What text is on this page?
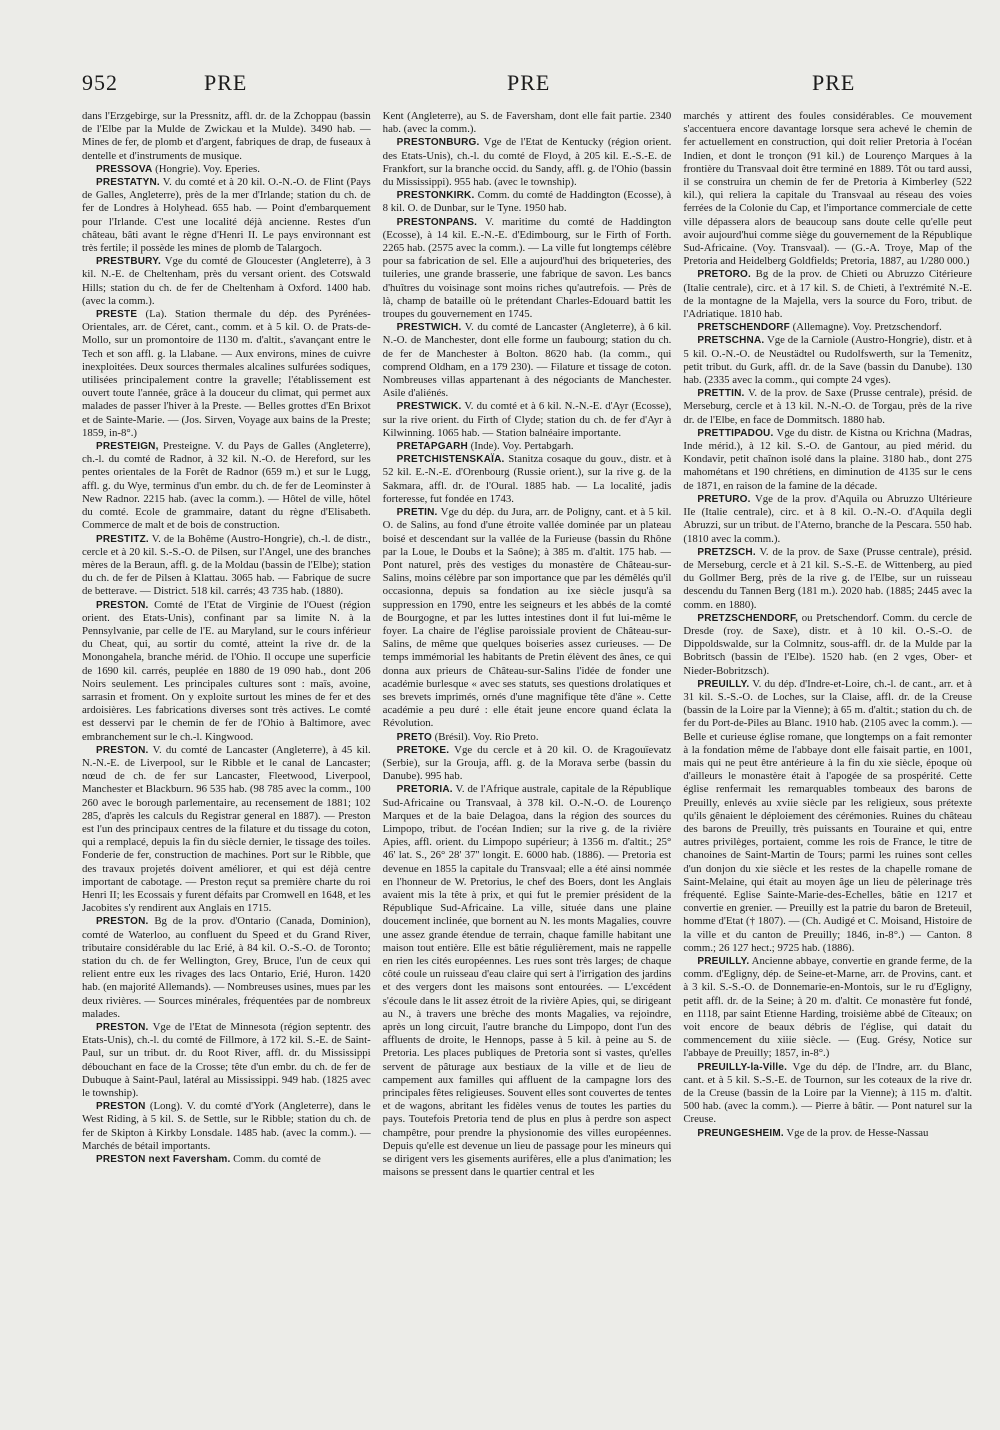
952	PRE	PRE	PRE

dans l'Erzgebirge, sur la Pressnitz, affl. dr. de la Zchoppau (bassin de l'Elbe par la Mulde de Zwickau et la Mulde). 3490 hab. — Mines de fer, de plomb et d'argent, fabriques de drap, de fuseaux à dentelle et d'instruments de musique.

PRESSOVA (Hongrie). Voy. Eperies.

PRESTATYN. V. du comté et à 20 kil. O.-N.-O. de Flint (Pays de Galles, Angleterre), près de la mer d'Irlande; station du ch. de fer de Londres à Holyhead. 655 hab. — Point d'embarquement pour l'Irlande. C'est une localité déjà ancienne. Restes d'un château, bâti avant le règne d'Henri II. Le pays environnant est très fertile; il possède les mines de plomb de Talargoch.

PRESTBURY. Vge du comté de Gloucester (Angleterre), à 3 kil. N.-E. de Cheltenham, près du versant orient. des Cotswald Hills; station du ch. de fer de Cheltenham à Oxford. 1400 hab. (avec la comm.).

PRESTE (La). Station thermale du dép. des Pyrénées-Orientales, arr. de Céret, cant., comm. et à 5 kil. O. de Prats-de-Mollo, sur un promontoire de 1130 m. d'altit., s'avançant entre le Tech et son affl. g. la Llabane. — Aux environs, mines de cuivre inexploitées. Deux sources thermales alcalines sulfurées sodiques, utilisées principalement contre la gravelle; l'établissement est ouvert toute l'année, grâce à la douceur du climat, qui permet aux malades de passer l'hiver à la Preste. — Belles grottes d'En Brixot et de Sainte-Marie. — (Jos. Sirven, Voyage aux bains de la Preste; 1859, in-8°.)

PRESTEIGN, Presteigne. V. du Pays de Galles (Angleterre), ch.-l. du comté de Radnor, à 32 kil. N.-O. de Hereford, sur les pentes orientales de la Forêt de Radnor (659 m.) et sur le Lugg, affl. g. du Wye, terminus d'un embr. du ch. de fer de Leominster à New Radnor. 2215 hab. (avec la comm.). — Hôtel de ville, hôtel du comté. Ecole de grammaire, datant du règne d'Elisabeth. Commerce de malt et de bois de construction.

PRESTITZ. V. de la Bohême (Austro-Hongrie), ch.-l. de distr., cercle et à 20 kil. S.-S.-O. de Pilsen, sur l'Angel, une des branches mères de la Beraun, affl. g. de la Moldau (bassin de l'Elbe); station du ch. de fer de Pilsen à Klattau. 3065 hab. — Fabrique de sucre de betterave. — District. 518 kil. carrés; 43 735 hab. (1880).

PRESTON. Comté de l'Etat de Virginie de l'Ouest (région orient. des Etats-Unis), confinant par sa limite N. à la Pennsylvanie, par celle de l'E. au Maryland, sur le cours inférieur du Cheat, qui, au sortir du comté, atteint la rive dr. de la Monongahela, branche mérid. de l'Ohio. Il occupe une superficie de 1690 kil. carrés, peuplée en 1880 de 19 090 hab., dont 206 Noirs seulement. Les principales cultures sont : maïs, avoine, sarrasin et froment. On y exploite surtout les mines de fer et des ardoisières. Les fabrications diverses sont très actives. Le comté est desservi par le chemin de fer de l'Ohio à Baltimore, avec embranchement sur le ch.-l. Kingwood.

PRESTON. V. du comté de Lancaster (Angleterre), à 45 kil. N.-N.-E. de Liverpool, sur le Ribble et le canal de Lancaster; nœud de ch. de fer sur Lancaster, Fleetwood, Liverpool, Manchester et Blackburn. 96 535 hab. (98 785 avec la comm., 100 260 avec le borough parlementaire, au recensement de 1881; 102 285, d'après les calculs du Registrar general en 1887). — Preston est l'un des principaux centres de la filature et du tissage du coton, qui a remplacé, depuis la fin du siècle dernier, le tissage des toiles. Fonderie de fer, construction de machines. Port sur le Ribble, que des travaux projetés doivent améliorer, et qui est déjà centre important de cabotage. — Preston reçut sa première charte du roi Henri II; les Ecossais y furent défaits par Cromwell en 1648, et les Jacobites s'y rendirent aux Anglais en 1715.

PRESTON. Bg de la prov. d'Ontario (Canada, Dominion), comté de Waterloo, au confluent du Speed et du Grand River, tributaire considérable du lac Erié, à 84 kil. O.-S.-O. de Toronto; station du ch. de fer Wellington, Grey, Bruce, l'un de ceux qui relient entre eux les rivages des lacs Ontario, Erié, Huron. 1420 hab. (en majorité Allemands). — Nombreuses usines, mues par les deux rivières. — Sources minérales, fréquentées par de nombreux malades.

PRESTON. Vge de l'Etat de Minnesota (région septentr. des Etats-Unis), ch.-l. du comté de Fillmore, à 172 kil. S.-E. de Saint-Paul, sur un tribut. dr. du Root River, affl. dr. du Mississippi débouchant en face de la Crosse; tête d'un embr. du ch. de fer de Dubuque à Saint-Paul, latéral au Mississippi. 949 hab. (1825 avec le township).

PRESTON (Long). V. du comté d'York (Angleterre), dans le West Riding, à 5 kil. S. de Settle, sur le Ribble; station du ch. de fer de Skipton à Kirkby Lonsdale. 1485 hab. (avec la comm.). — Marchés de bétail importants.

PRESTON next Faversham. Comm. du comté de

Kent (Angleterre), au S. de Faversham, dont elle fait partie. 2340 hab. (avec la comm.).

PRESTONBURG. Vge de l'Etat de Kentucky (région orient. des Etats-Unis), ch.-l. du comté de Floyd, à 205 kil. E.-S.-E. de Frankfort, sur la branche occid. du Sandy, affl. g. de l'Ohio (bassin du Mississippi). 955 hab. (avec le township).

PRESTONKIRK. Comm. du comté de Haddington (Ecosse), à 8 kil. O. de Dunbar, sur le Tyne. 1950 hab.

PRESTONPANS. V. maritime du comté de Haddington (Ecosse), à 14 kil. E.-N.-E. d'Edimbourg, sur le Firth of Forth. 2265 hab. (2575 avec la comm.). — La ville fut longtemps célèbre pour sa fabrication de sel. Elle a aujourd'hui des briqueteries, des tuileries, une grande brasserie, une fabrique de savon. Les bancs d'huîtres du voisinage sont moins riches qu'autrefois. — Près de là, champ de bataille où le prétendant Charles-Edouard battit les troupes du gouvernement en 1745.

PRESTWICH. V. du comté de Lancaster (Angleterre), à 6 kil. N.-O. de Manchester, dont elle forme un faubourg; station du ch. de fer de Manchester à Bolton. 8620 hab. (la comm., qui comprend Oldham, en a 179 230). — Filature et tissage de coton. Nombreuses villas appartenant à des négociants de Manchester. Asile d'aliénés.

PRESTWICK. V. du comté et à 6 kil. N.-N.-E. d'Ayr (Ecosse), sur la rive orient. du Firth of Clyde; station du ch. de fer d'Ayr à Kilwinning. 1065 hab. — Station balnéaire importante.

PRETAPGARH (Inde). Voy. Pertabgarh.

PRETCHISTENSKAÏA. Stanitza cosaque du gouv., distr. et à 52 kil. E.-N.-E. d'Orenbourg (Russie orient.), sur la rive g. de la Sakmara, affl. dr. de l'Oural. 1885 hab. — La localité, jadis forteresse, fut fondée en 1743.

PRETIN. Vge du dép. du Jura, arr. de Poligny, cant. et à 5 kil. O. de Salins, au fond d'une étroite vallée dominée par un plateau boisé et descendant sur la vallée de la Furieuse (bassin du Rhône par la Loue, le Doubs et la Saône); à 385 m. d'altit. 175 hab. — Pont naturel, près des vestiges du monastère de Château-sur-Salins, moins célèbre par son importance que par les démêlés qu'il occasionna, depuis sa fondation au ixe siècle jusqu'à sa suppression en 1790, entre les seigneurs et les abbés de la comté de Bourgogne, et par les luttes intestines dont il fut lui-même le foyer. La chaire de l'église paroissiale provient de Château-sur-Salins, de même que quelques boiseries assez curieuses. — De temps immémorial les habitants de Pretin élèvent des ânes, ce qui donna aux prieurs de Château-sur-Salins l'idée de fonder une académie burlesque « avec ses statuts, ses questions drolatiques et ses brevets imprimés, ornés d'une magnifique tête d'âne ». Cette académie a peu duré : elle était jeune encore quand éclata la Révolution.

PRETO (Brésil). Voy. Rio Preto.

PRETOKE. Vge du cercle et à 20 kil. O. de Kragouïevatz (Serbie), sur la Grouja, affl. g. de la Morava serbe (bassin du Danube). 995 hab.

PRETORIA. V. de l'Afrique australe, capitale de la République Sud-Africaine ou Transvaal, à 378 kil. O.-N.-O. de Lourenço Marques et de la baie Delagoa, dans la région des sources du Limpopo, tribut. de l'océan Indien; sur la rive g. de la rivière Apies, affl. orient. du Limpopo supérieur; à 1356 m. d'altit.; 25° 46' lat. S., 26° 28' 37'' longit. E. 6000 hab. (1886). — Pretoria est devenue en 1855 la capitale du Transvaal; elle a été ainsi nommée en l'honneur de W. Pretorius, le chef des Boers, dont les Anglais avaient mis la tête à prix, et qui fut le premier président de la République Sud-Africaine. La ville, située dans une plaine doucement inclinée, que bornent au N. les monts Magalies, couvre une assez grande étendue de terrain, chaque famille habitant une maison tout entière. Elle est bâtie régulièrement, mais ne rappelle en rien les cités européennes. Les rues sont très larges; de chaque côté coule un ruisseau d'eau claire qui sert à l'irrigation des jardins et des vergers dont les maisons sont entourées. — L'excédent s'écoule dans le lit assez étroit de la rivière Apies, qui, se dirigeant au N., à travers une brèche des monts Magalies, va rejoindre, après un long circuit, l'autre branche du Limpopo, dont l'un des affluents de droite, le Hennops, passe à 5 kil. à peine au S. de Pretoria. Les places publiques de Pretoria sont si vastes, qu'elles servent de pâturage aux bestiaux de la ville et de lieu de campement aux familles qui affluent de la campagne lors des principales fêtes religieuses. Souvent elles sont couvertes de tentes et de wagons, abritant les fidèles venus de toutes les parties du pays. Toutefois Pretoria tend de plus en plus à perdre son aspect champêtre, pour prendre la physionomie des villes européennes. Depuis qu'elle est devenue un lieu de passage pour les mineurs qui se dirigent vers les gisements aurifères, elle a plus d'animation; les maisons se pressent dans le quartier central et les

marchés y attirent des foules considérables. Ce mouvement s'accentuera encore davantage lorsque sera achevé le chemin de fer actuellement en construction, qui doit relier Pretoria à l'océan Indien, et dont le tronçon (91 kil.) de Lourenço Marques à la frontière du Transvaal doit être terminé en 1889. Tôt ou tard aussi, il se construira un chemin de fer de Pretoria à Kimberley (522 kil.), qui reliera la capitale du Transvaal au réseau des voies ferrées de la Colonie du Cap, et l'importance commerciale de cette ville dépassera alors de beaucoup sans doute celle qu'elle peut avoir aujourd'hui comme siège du gouvernement de la République Sud-Africaine. (Voy. Transvaal). — (G.-A. Troye, Map of the Pretoria and Heidelberg Goldfields; Pretoria, 1887, au 1/280 000.)

PRETORO. Bg de la prov. de Chieti ou Abruzzo Citérieure (Italie centrale), circ. et à 17 kil. S. de Chieti, à l'extrémité N.-E. de la montagne de la Majella, vers la source du Foro, tribut. de l'Adriatique. 1810 hab.

PRETSCHENDORF (Allemagne). Voy. Pretzschendorf.

PRETSCHNA. Vge de la Carniole (Austro-Hongrie), distr. et à 5 kil. O.-N.-O. de Neustädtel ou Rudolfswerth, sur la Temenitz, petit tribut. du Gurk, affl. dr. de la Save (bassin du Danube). 130 hab. (2335 avec la comm., qui compte 24 vges).

PRETTIN. V. de la prov. de Saxe (Prusse centrale), présid. de Merseburg, cercle et à 13 kil. N.-N.-O. de Torgau, près de la rive dr. de l'Elbe, en face de Dommitsch. 1880 hab.

PRETTIPADOU. Vge du distr. de Kistna ou Krichna (Madras, Inde mérid.), à 12 kil. S.-O. de Gantour, au pied mérid. du Kondavir, petit chaînon isolé dans la plaine. 3180 hab., dont 275 mahométans et 190 chrétiens, en diminution de 4135 sur le cens de 1871, en raison de la famine de la décade.

PRETURO. Vge de la prov. d'Aquila ou Abruzzo Ultérieure IIe (Italie centrale), circ. et à 8 kil. O.-N.-O. d'Aquila degli Abruzzi, sur un tribut. de l'Aterno, branche de la Pescara. 550 hab. (1810 avec la comm.).

PRETZSCH. V. de la prov. de Saxe (Prusse centrale), présid. de Merseburg, cercle et à 21 kil. S.-S.-E. de Wittenberg, au pied du Gollmer Berg, près de la rive g. de l'Elbe, sur un ruisseau descendu du Tannen Berg (181 m.). 2020 hab. (1885; 2445 avec la comm. en 1880).

PRETZSCHENDORF, ou Pretschendorf. Comm. du cercle de Dresde (roy. de Saxe), distr. et à 10 kil. O.-S.-O. de Dippoldswalde, sur la Colmnitz, sous-affl. dr. de la Mulde par la Bobritsch (bassin de l'Elbe). 1520 hab. (en 2 vges, Ober- et Nieder-Bobritzsch).

PREUILLY. V. du dép. d'Indre-et-Loire, ch.-l. de cant., arr. et à 31 kil. S.-S.-O. de Loches, sur la Claise, affl. dr. de la Creuse (bassin de la Loire par la Vienne); à 65 m. d'altit.; station du ch. de fer du Port-de-Piles au Blanc. 1910 hab. (2105 avec la comm.). — Belle et curieuse église romane, que longtemps on a fait remonter à la fondation même de l'abbaye dont elle faisait partie, en 1001, mais qui ne peut être antérieure à la fin du xie siècle, époque où d'ailleurs le monastère était à l'apogée de sa prospérité. Cette église renfermait les remarquables tombeaux des barons de Preuilly, enlevés au xviie siècle par les religieux, sous prétexte qu'ils gênaient le déploiement des cérémonies. Ruines du château des barons de Preuilly, très puissants en Touraine et qui, entre autres privilèges, portaient, comme les rois de France, le titre de chanoines de Saint-Martin de Tours; parmi les ruines sont celles d'un donjon du xie siècle et les restes de la chapelle romane de Saint-Melaine, qui était au moyen âge un lieu de pèlerinage très fréquenté. Eglise Sainte-Marie-des-Echelles, bâtie en 1217 et convertie en grenier. — Preuilly est la patrie du baron de Breteuil, homme d'Etat († 1807). — (Ch. Audigé et C. Moisand, Histoire de la ville et du canton de Preuilly; 1846, in-8°.) — Canton. 8 comm.; 26 127 hect.; 9725 hab. (1886).

PREUILLY. Ancienne abbaye, convertie en grande ferme, de la comm. d'Egligny, dép. de Seine-et-Marne, arr. de Provins, cant. et à 3 kil. S.-S.-O. de Donnemarie-en-Montois, sur le ru d'Egligny, petit affl. dr. de la Seine; à 20 m. d'altit. Ce monastère fut fondé, en 1118, par saint Etienne Harding, troisième abbé de Cîteaux; on voit encore de beaux débris de l'église, qui datait du commencement du xiiie siècle. — (Eug. Grésy, Notice sur l'abbaye de Preuilly; 1857, in-8°.)

PREUILLY-la-Ville. Vge du dép. de l'Indre, arr. du Blanc, cant. et à 5 kil. S.-S.-E. de Tournon, sur les coteaux de la rive dr. de la Creuse (bassin de la Loire par la Vienne); à 115 m. d'altit. 500 hab. (avec la comm.). — Pierre à bâtir. — Pont naturel sur la Creuse.

PREUNGESHEIM. Vge de la prov. de Hesse-Nassau
